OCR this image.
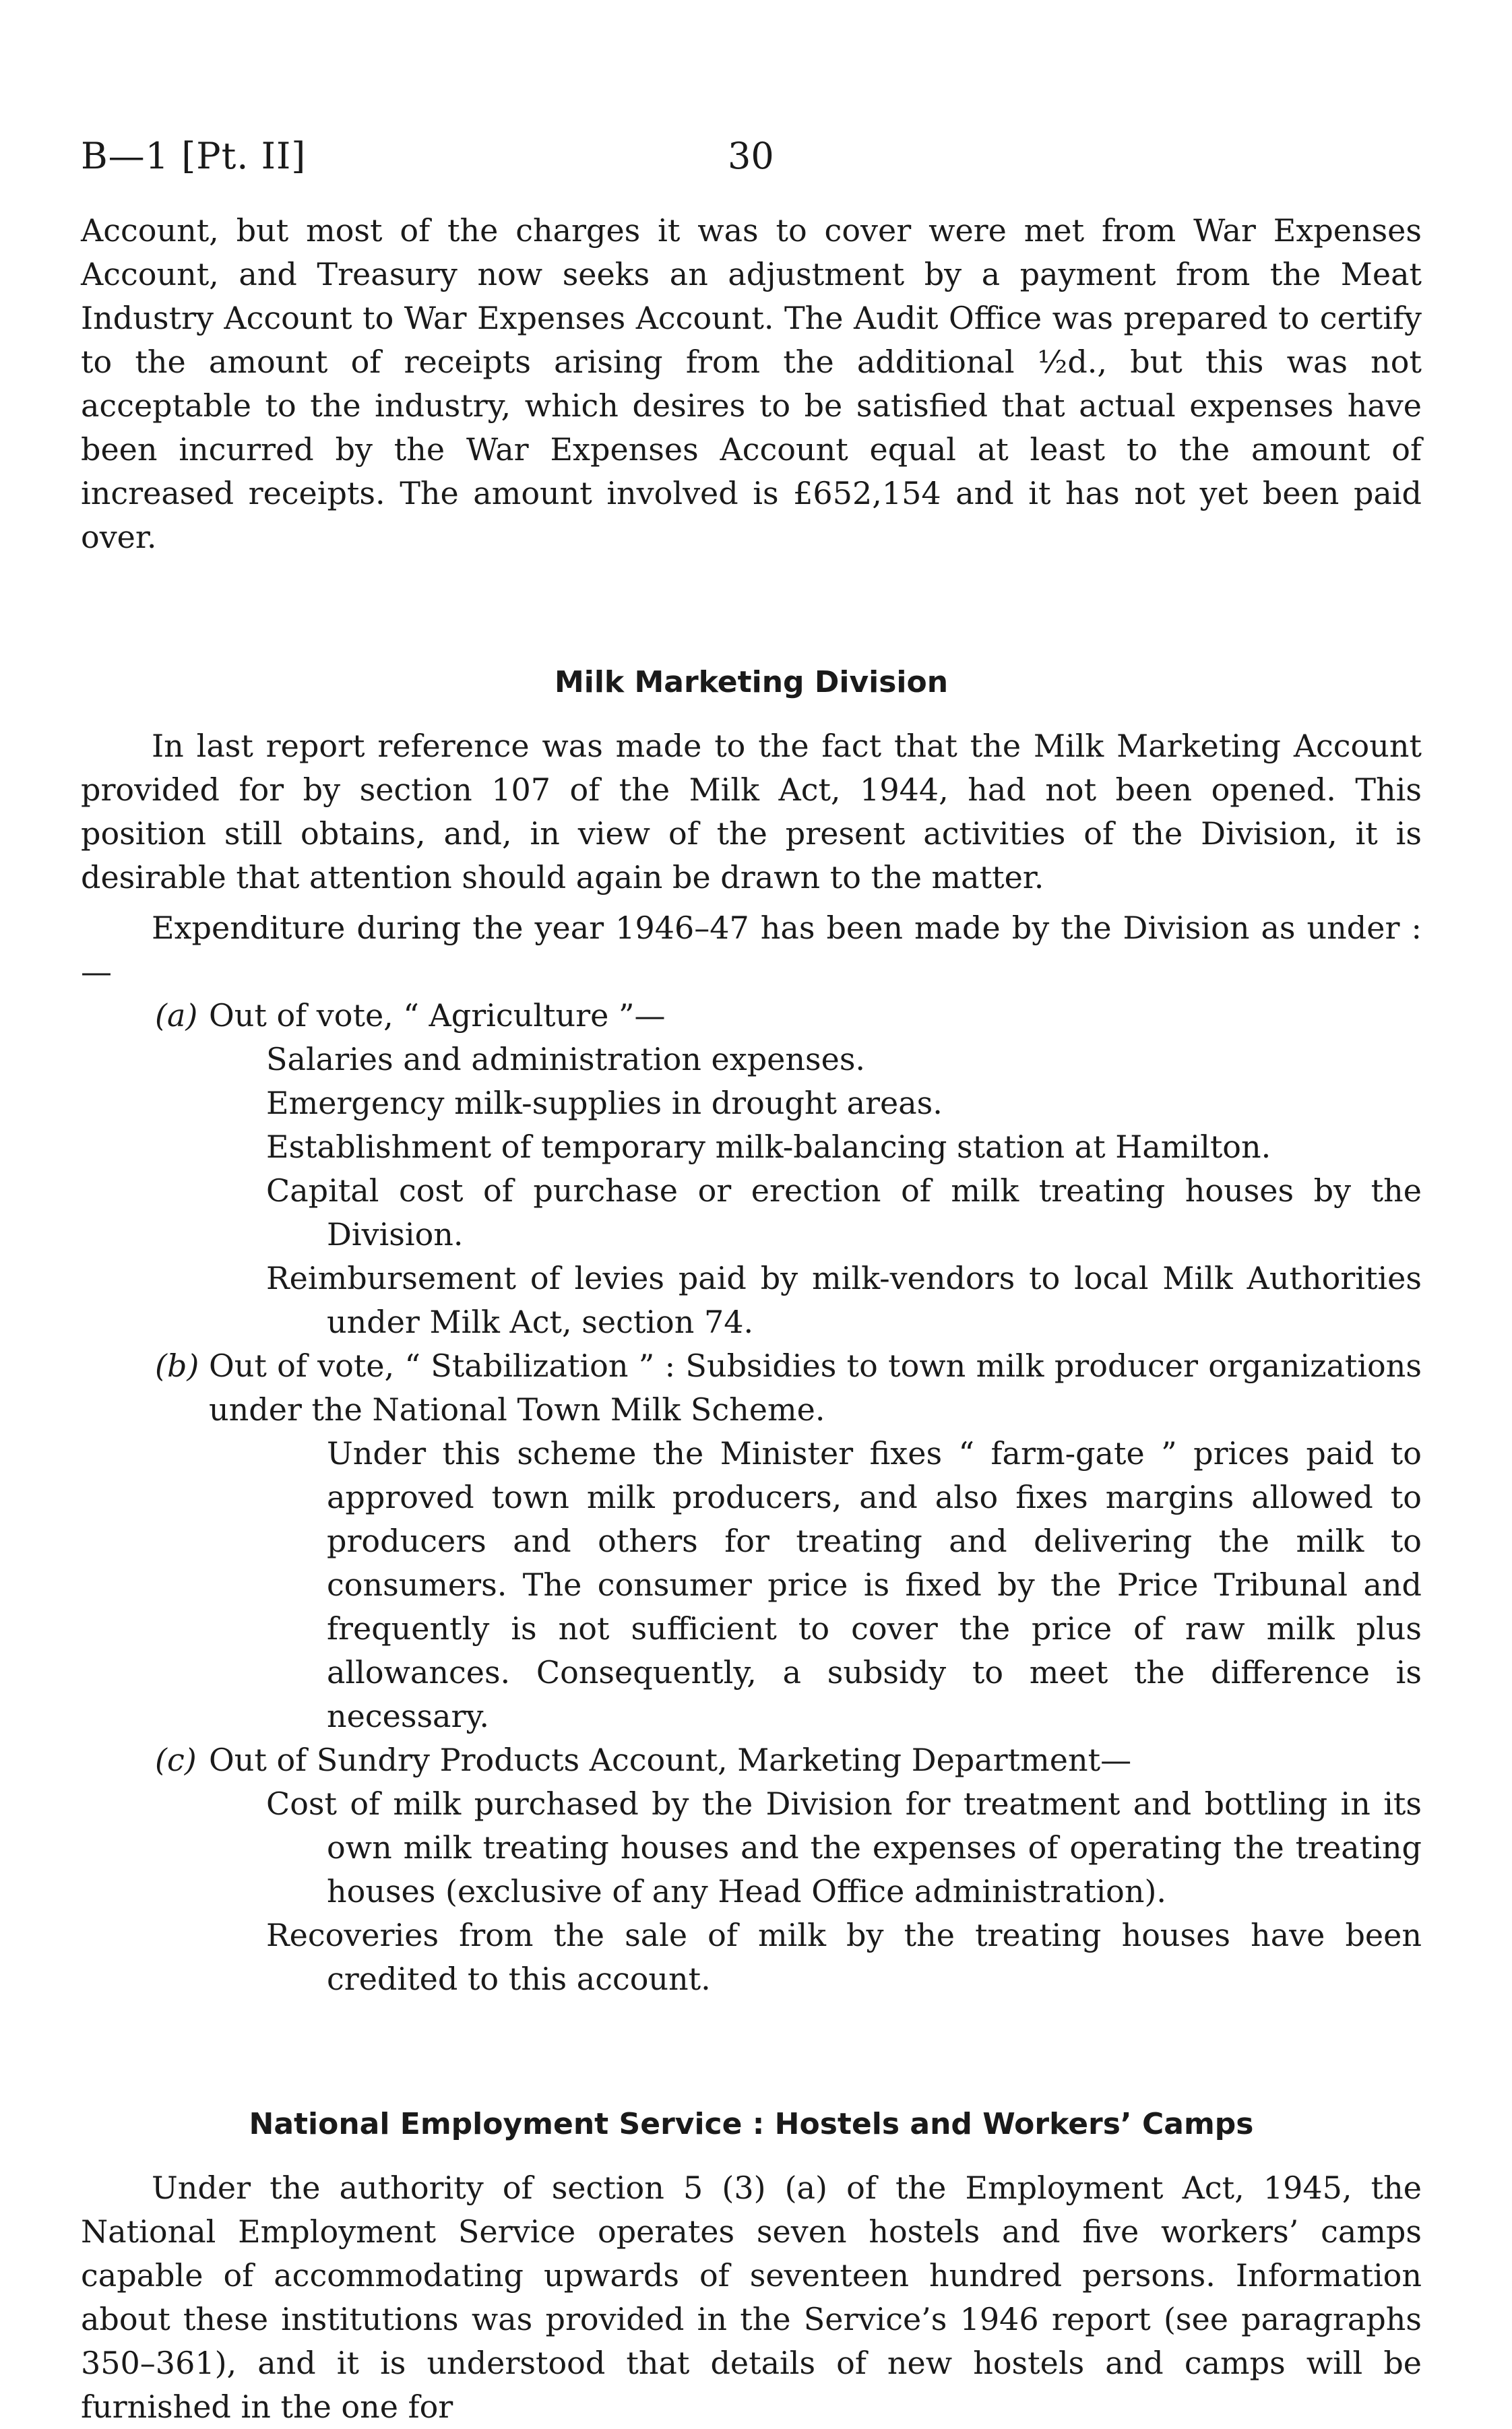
B—1 [Pt. II]	30

Account, but most of the charges it was to cover were met from War Expenses Account, and Treasury now seeks an adjustment by a payment from the Meat Industry Account to War Expenses Account. The Audit Office was prepared to certify to the amount of receipts arising from the additional ½d., but this was not acceptable to the industry, which desires to be satisfied that actual expenses have been incurred by the War Expenses Account equal at least to the amount of increased receipts. The amount involved is £652,154 and it has not yet been paid over.

Milk Marketing Division

In last report reference was made to the fact that the Milk Marketing Account provided for by section 107 of the Milk Act, 1944, had not been opened. This position still obtains, and, in view of the present activities of the Division, it is desirable that attention should again be drawn to the matter.

Expenditure during the year 1946–47 has been made by the Division as under :—

(a) Out of vote, “ Agriculture ”—

Salaries and administration expenses.

Emergency milk-supplies in drought areas.

Establishment of temporary milk-balancing station at Hamilton.

Capital cost of purchase or erection of milk treating houses by the Division.

Reimbursement of levies paid by milk-vendors to local Milk Authorities under Milk Act, section 74.

(b) Out of vote, “ Stabilization ” : Subsidies to town milk producer organizations under the National Town Milk Scheme.

Under this scheme the Minister fixes “ farm-gate ” prices paid to approved town milk producers, and also fixes margins allowed to producers and others for treating and delivering the milk to consumers. The consumer price is fixed by the Price Tribunal and frequently is not sufficient to cover the price of raw milk plus allowances. Consequently, a subsidy to meet the difference is necessary.

(c) Out of Sundry Products Account, Marketing Department—

Cost of milk purchased by the Division for treatment and bottling in its own milk treating houses and the expenses of operating the treating houses (exclusive of any Head Office administration).

Recoveries from the sale of milk by the treating houses have been credited to this account.

National Employment Service : Hostels and Workers’ Camps

Under the authority of section 5 (3) (a) of the Employment Act, 1945, the National Employment Service operates seven hostels and five workers’ camps capable of accommodating upwards of seventeen hundred persons. Information about these institutions was provided in the Service’s 1946 report (see paragraphs 350–361), and it is understood that details of new hostels and camps will be furnished in the one for
